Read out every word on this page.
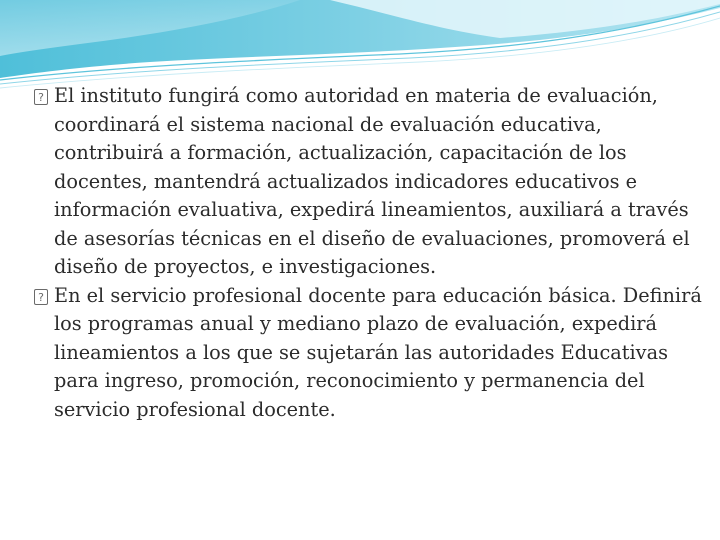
? El instituto fungirá como autoridad en materia de evaluación, coordinará el sistema nacional de evaluación educativa, contribuirá a formación, actualización, capacitación de los docentes, mantendrá actualizados indicadores educativos e información evaluativa, expedirá lineamientos, auxiliará a través de asesorías técnicas en el diseño de evaluaciones, promoverá el diseño de proyectos, e investigaciones.

? En el servicio profesional docente para educación básica. Definirá los programas anual y mediano plazo de evaluación, expedirá lineamientos a los que se sujetarán las autoridades Educativas para ingreso, promoción, reconocimiento y permanencia del servicio profesional docente.
